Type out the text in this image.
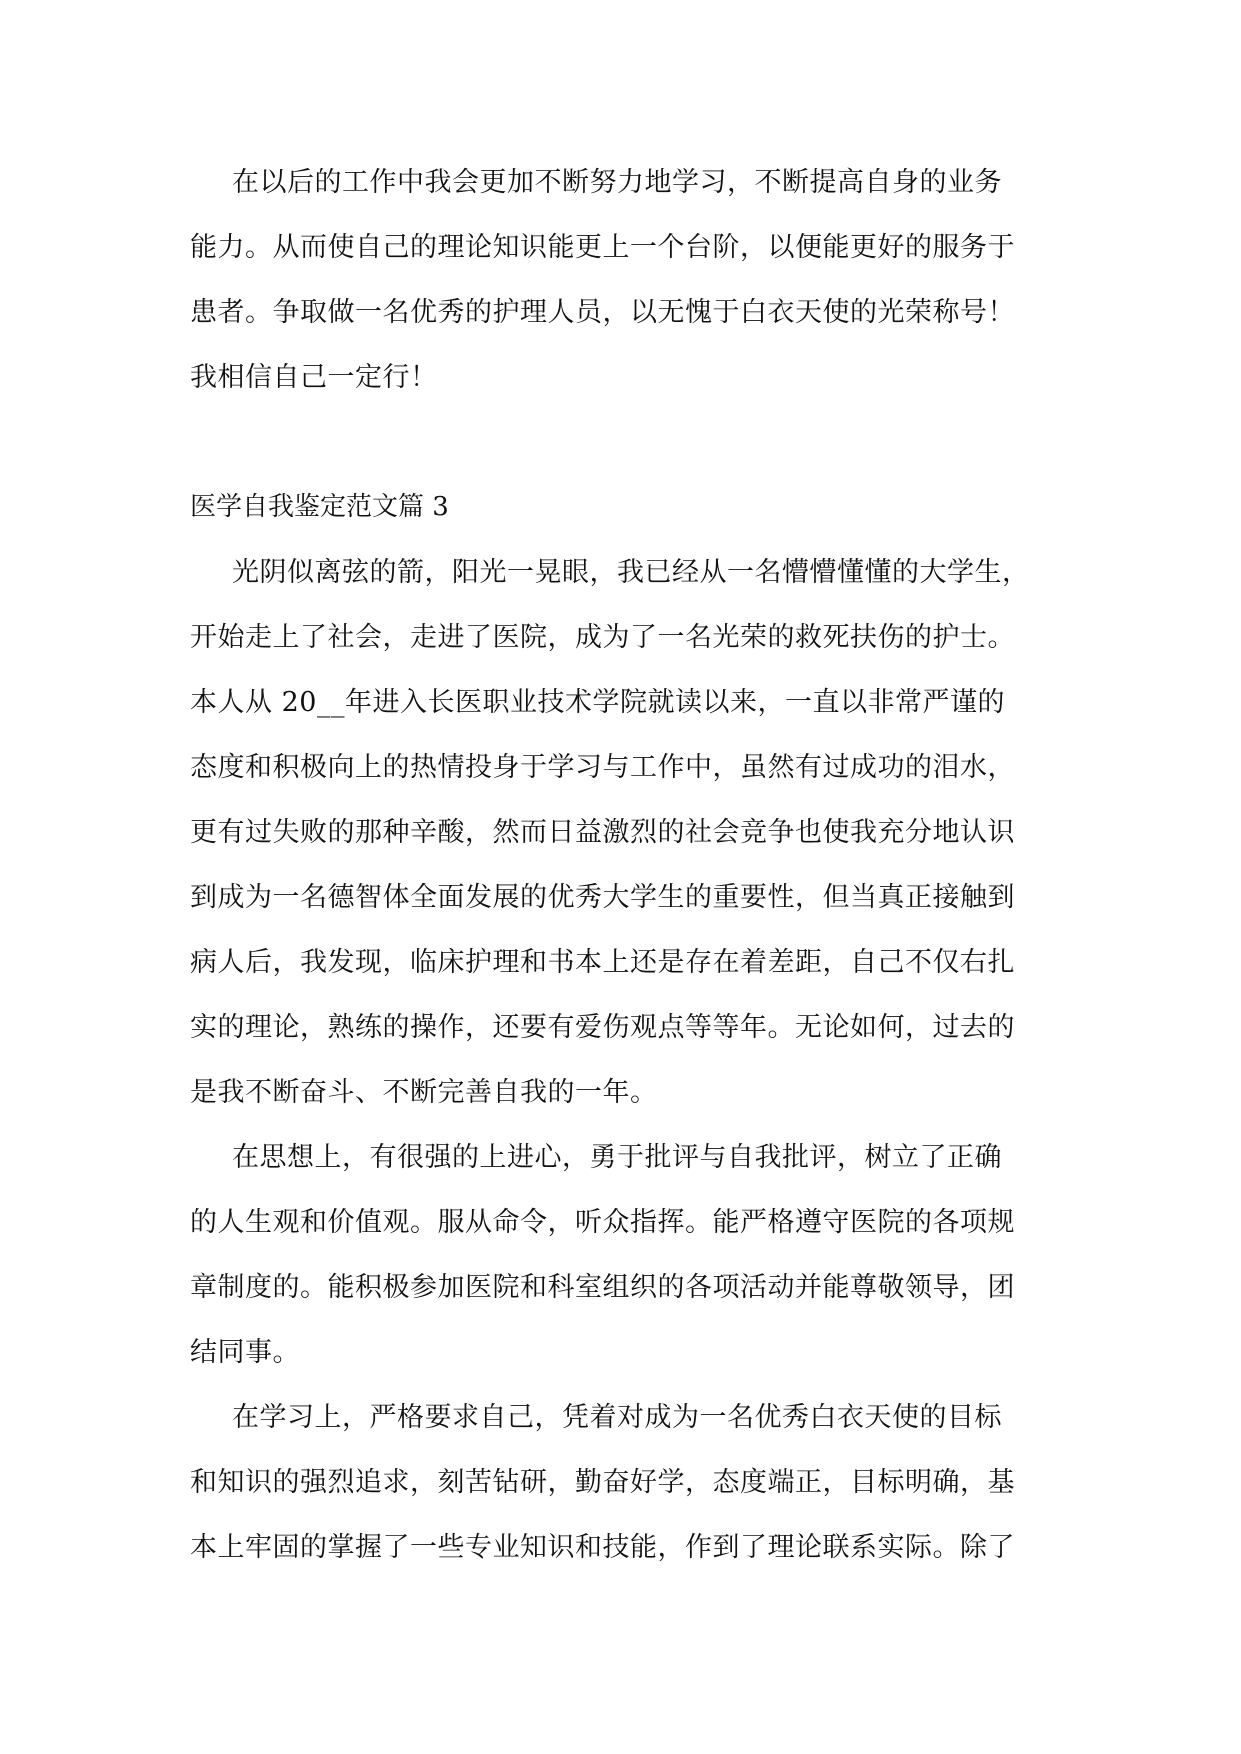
在以后的工作中我会更加不断努力地学习，不断提高自身的业务

能力。从而使自己的理论知识能更上一个台阶，以便能更好的服务于

患者。争取做一名优秀的护理人员，以无愧于白衣天使的光荣称号！

我相信自己一定行！

医学自我鉴定范文篇 3

光阴似离弦的箭，阳光一晃眼，我已经从一名懵懵懂懂的大学生，

开始走上了社会，走进了医院，成为了一名光荣的救死扶伤的护士。

本人从 20__年进入长医职业技术学院就读以来，一直以非常严谨的

态度和积极向上的热情投身于学习与工作中，虽然有过成功的泪水，

更有过失败的那种辛酸，然而日益激烈的社会竞争也使我充分地认识

到成为一名德智体全面发展的优秀大学生的重要性，但当真正接触到

病人后，我发现，临床护理和书本上还是存在着差距，自己不仅右扎

实的理论，熟练的操作，还要有爱伤观点等等年。无论如何，过去的

是我不断奋斗、不断完善自我的一年。

在思想上，有很强的上进心，勇于批评与自我批评，树立了正确

的人生观和价值观。服从命令，听众指挥。能严格遵守医院的各项规

章制度的。能积极参加医院和科室组织的各项活动并能尊敬领导，团

结同事。

在学习上，严格要求自己，凭着对成为一名优秀白衣天使的目标

和知识的强烈追求，刻苦钻研，勤奋好学，态度端正，目标明确，基

本上牢固的掌握了一些专业知识和技能，作到了理论联系实际。除了
